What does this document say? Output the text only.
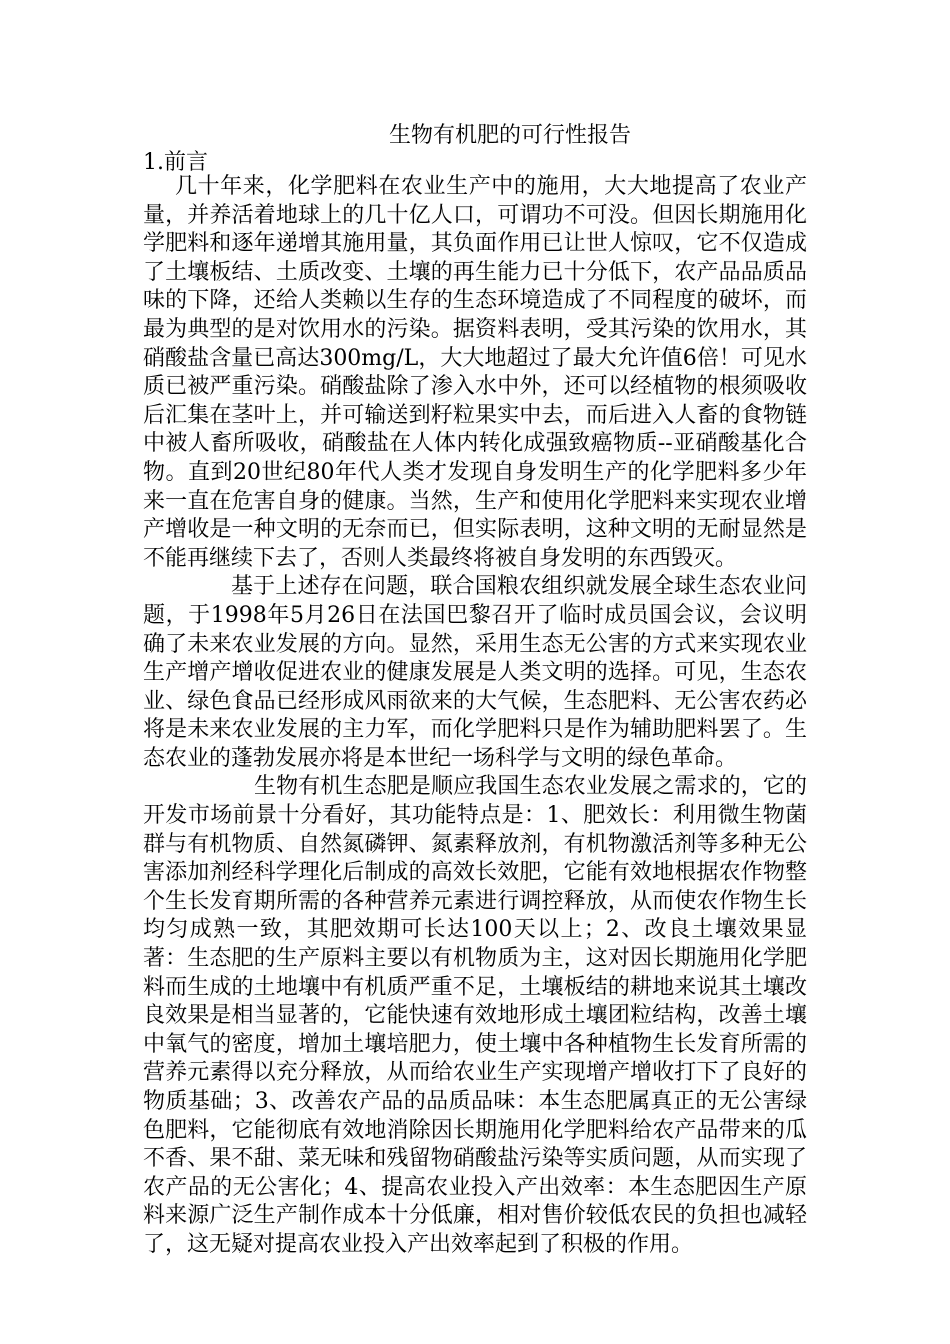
生物有机肥的可行性报告
1.前言

几十年来，化学肥料在农业生产中的施用，大大地提高了农业产量，并养活着地球上的几十亿人口，可谓功不可没。但因长期施用化学肥料和逐年递增其施用量，其负面作用已让世人惊叹，它不仅造成了土壤板结、土质改变、土壤的再生能力已十分低下，农产品品质品味的下降，还给人类赖以生存的生态环境造成了不同程度的破坏，而最为典型的是对饮用水的污染。据资料表明，受其污染的饮用水，其硝酸盐含量已高达300mg/L，大大地超过了最大允许值6倍！可见水质已被严重污染。硝酸盐除了渗入水中外，还可以经植物的根须吸收后汇集在茎叶上，并可输送到籽粒果实中去，而后进入人畜的食物链中被人畜所吸收，硝酸盐在人体内转化成强致癌物质--亚硝酸基化合物。直到20世纪80年代人类才发现自身发明生产的化学肥料多少年来一直在危害自身的健康。当然，生产和使用化学肥料来实现农业增产增收是一种文明的无奈而已，但实际表明，这种文明的无耐显然是不能再继续下去了，否则人类最终将被自身发明的东西毁灭。

基于上述存在问题，联合国粮农组织就发展全球生态农业问题，于1998年5月26日在法国巴黎召开了临时成员国会议，会议明确了未来农业发展的方向。显然，采用生态无公害的方式来实现农业生产增产增收促进农业的健康发展是人类文明的选择。可见，生态农业、绿色食品已经形成风雨欲来的大气候，生态肥料、无公害农药必将是未来农业发展的主力军，而化学肥料只是作为辅助肥料罢了。生态农业的蓬勃发展亦将是本世纪一场科学与文明的绿色革命。

生物有机生态肥是顺应我国生态农业发展之需求的，它的开发市场前景十分看好，其功能特点是：1、肥效长：利用微生物菌群与有机物质、自然氮磷钾、氮素释放剂，有机物激活剂等多种无公害添加剂经科学理化后制成的高效长效肥，它能有效地根据农作物整个生长发育期所需的各种营养元素进行调控释放，从而使农作物生长均匀成熟一致，其肥效期可长达100天以上；2、改良土壤效果显著：生态肥的生产原料主要以有机物质为主，这对因长期施用化学肥料而生成的土地壤中有机质严重不足，土壤板结的耕地来说其土壤改良效果是相当显著的，它能快速有效地形成土壤团粒结构，改善土壤中氧气的密度，增加土壤培肥力，使土壤中各种植物生长发育所需的营养元素得以充分释放，从而给农业生产实现增产增收打下了良好的物质基础；3、改善农产品的品质品味：本生态肥属真正的无公害绿色肥料，它能彻底有效地消除因长期施用化学肥料给农产品带来的瓜不香、果不甜、菜无味和残留物硝酸盐污染等实质问题，从而实现了农产品的无公害化；4、提高农业投入产出效率：本生态肥因生产原料来源广泛生产制作成本十分低廉，相对售价较低农民的负担也减轻了，这无疑对提高农业投入产出效率起到了积极的作用。
